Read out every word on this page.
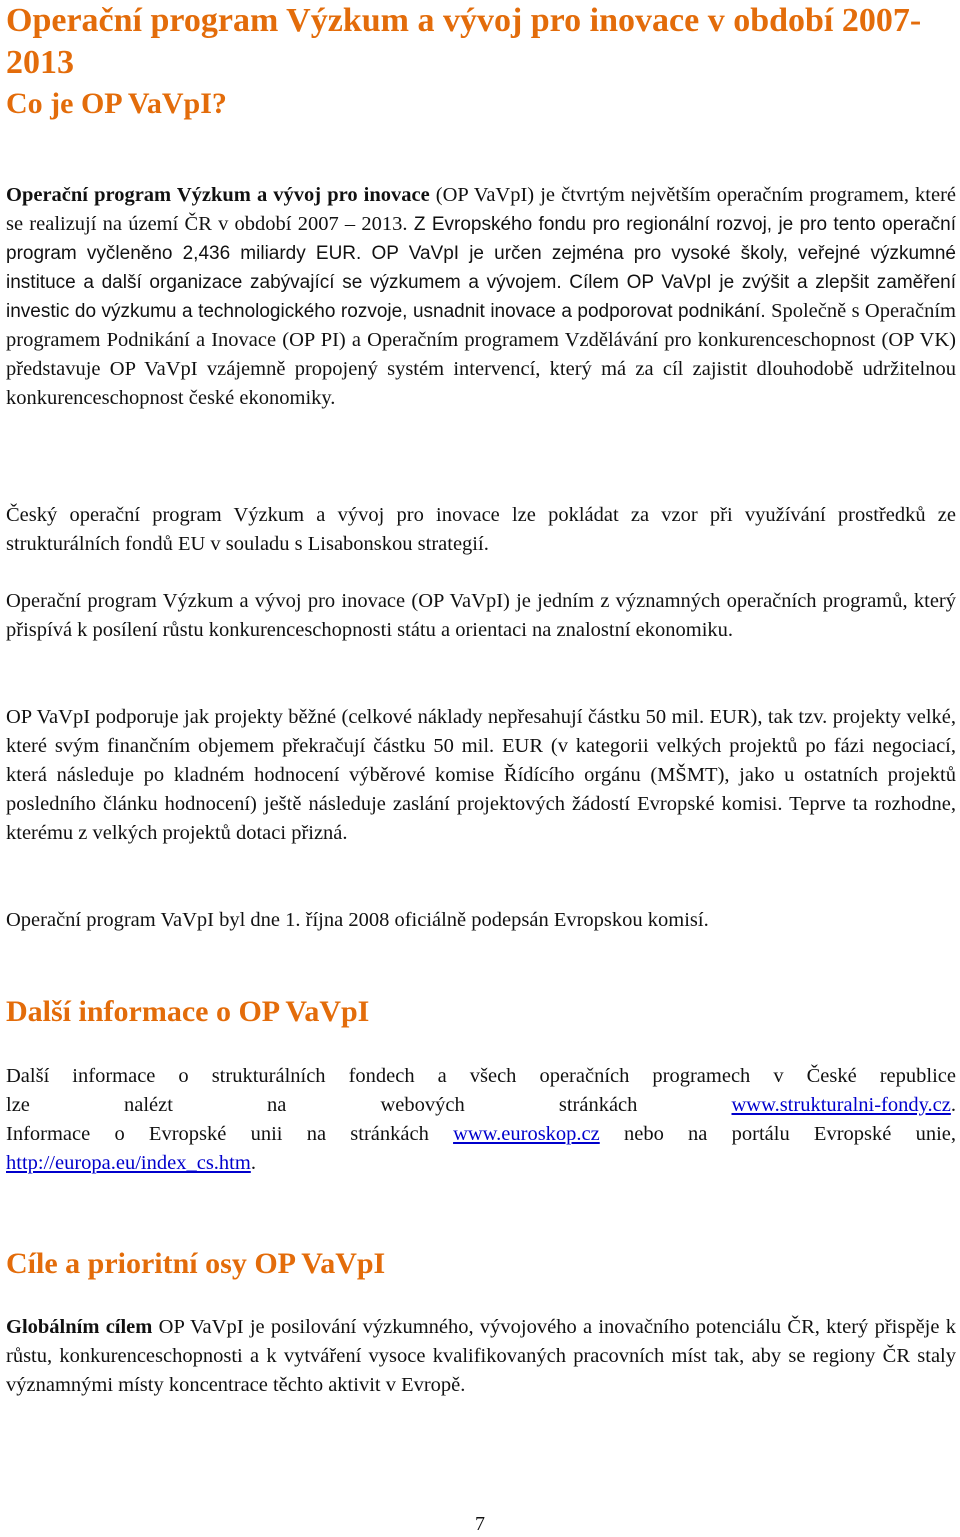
Operační program Výzkum a vývoj pro inovace v období 2007-2013
Co je OP VaVpI?

Operační program Výzkum a vývoj pro inovace (OP VaVpI) je čtvrtým největším operačním programem, které se realizují na území ČR v období 2007 – 2013. Z Evropského fondu pro regionální rozvoj, je pro tento operační program vyčleněno 2,436 miliardy EUR. OP VaVpI je určen zejména pro vysoké školy, veřejné výzkumné instituce a další organizace zabývající se výzkumem a vývojem. Cílem OP VaVpI je zvýšit a zlepšit zaměření investic do výzkumu a technologického rozvoje, usnadnit inovace a podporovat podnikání. Společně s Operačním programem Podnikání a Inovace (OP PI) a Operačním programem Vzdělávání pro konkurenceschopnost (OP VK) představuje OP VaVpI vzájemně propojený systém intervencí, který má za cíl zajistit dlouhodobě udržitelnou konkurenceschopnost české ekonomiky.

Český operační program Výzkum a vývoj pro inovace lze pokládat za vzor při využívání prostředků ze strukturálních fondů EU v souladu s Lisabonskou strategií.

Operační program Výzkum a vývoj pro inovace (OP VaVpI) je jedním z významných operačních programů, který přispívá k posílení růstu konkurenceschopnosti státu a orientaci na znalostní ekonomiku.

OP VaVpI podporuje jak projekty běžné (celkové náklady nepřesahují částku 50 mil. EUR), tak tzv. projekty velké, které svým finančním objemem překračují částku 50 mil. EUR (v kategorii velkých projektů po fázi negociací, která následuje po kladném hodnocení výběrové komise Řídícího orgánu (MŠMT), jako u ostatních projektů posledního článku hodnocení) ještě následuje zaslání projektových žádostí Evropské komisi. Teprve ta rozhodne, kterému z velkých projektů dotaci přizná.

Operační program VaVpI byl dne 1. října 2008 oficiálně podepsán Evropskou komisí.

Další informace o OP VaVpI
Další informace o strukturálních fondech a všech operačních programech v České republice
lze	nalézt	na	webových	stránkách	www.strukturalni-fondy.cz.
Informace o Evropské unii na stránkách www.euroskop.cz nebo na portálu Evropské unie,
http://europa.eu/index_cs.htm.
Cíle a prioritní osy OP VaVpI

Globálním cílem OP VaVpI je posilování výzkumného, vývojového a inovačního potenciálu ČR, který přispěje k růstu, konkurenceschopnosti a k vytváření vysoce kvalifikovaných pracovních míst tak, aby se regiony ČR staly významnými místy koncentrace těchto aktivit v Evropě.

7
